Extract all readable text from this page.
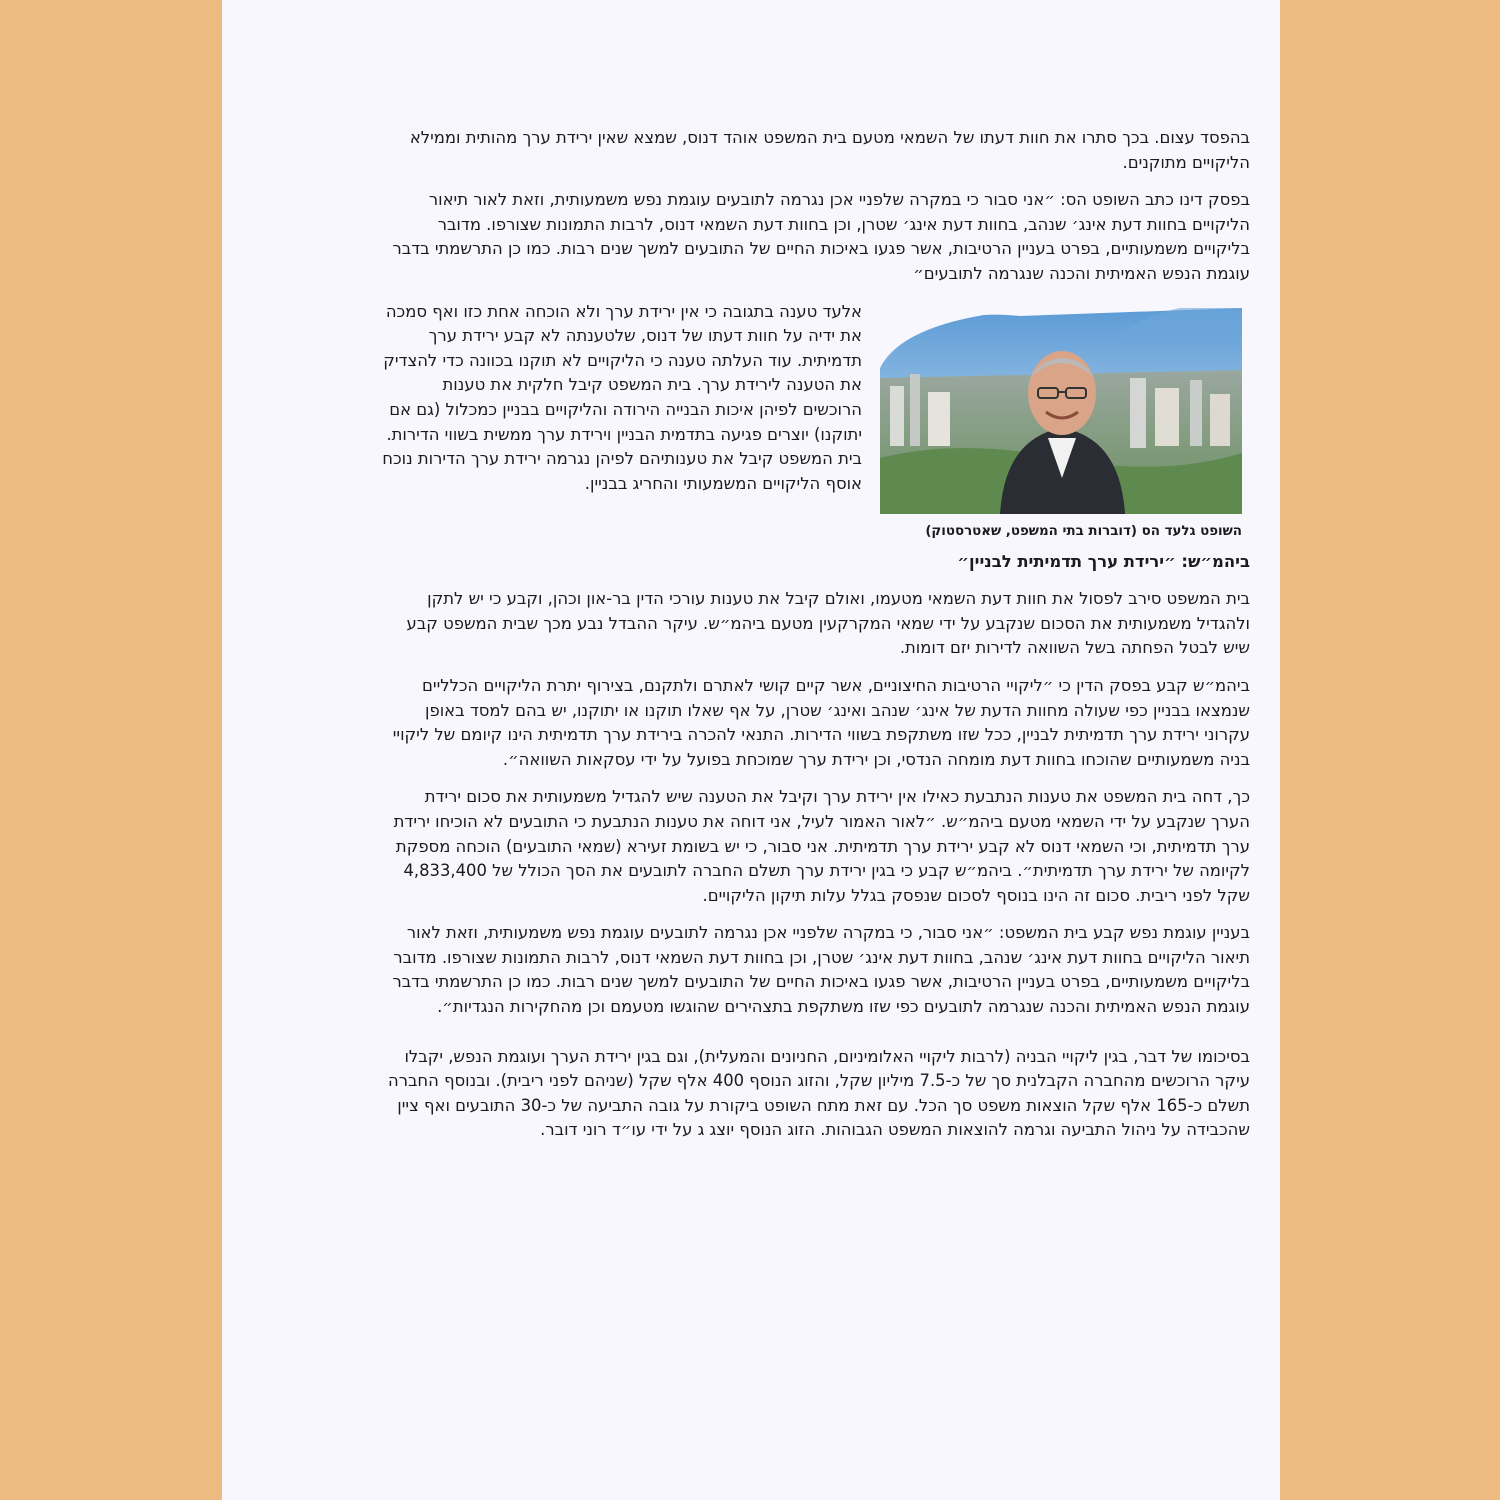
בהפסד עצום. בכך סתרו את חוות דעתו של השמאי מטעם בית המשפט אוהד דנוס, שמצא שאין ירידת ערך מהותית וממילא הליקויים מתוקנים.

בפסק דינו כתב השופט הס: ״אני סבור כי במקרה שלפניי אכן נגרמה לתובעים עוגמת נפש משמעותית, וזאת לאור תיאור הליקויים בחוות דעת אינג׳ שנהב, בחוות דעת אינג׳ שטרן, וכן בחוות דעת השמאי דנוס, לרבות התמונות שצורפו. מדובר בליקויים משמעותיים, בפרט בעניין הרטיבות, אשר פגעו באיכות החיים של התובעים למשך שנים רבות. כמו כן התרשמתי בדבר עוגמת הנפש האמיתית והכנה שנגרמה לתובעים״

השופט גלעד הס (דוברות בתי המשפט, שאטרסטוק)

אלעד טענה בתגובה כי אין ירידת ערך ולא הוכחה אחת כזו ואף סמכה את ידיה על חוות דעתו של דנוס, שלטענתה לא קבע ירידת ערך תדמיתית. עוד העלתה טענה כי הליקויים לא תוקנו בכוונה כדי להצדיק את הטענה לירידת ערך. בית המשפט קיבל חלקית את טענות הרוכשים לפיהן איכות הבנייה הירודה והליקויים בבניין כמכלול (גם אם יתוקנו) יוצרים פגיעה בתדמית הבניין וירידת ערך ממשית בשווי הדירות. בית המשפט קיבל את טענותיהם לפיהן נגרמה ירידת ערך הדירות נוכח אוסף הליקויים המשמעותי והחריג בבניין.

ביהמ״ש: ״ירידת ערך תדמיתית לבניין״

בית המשפט סירב לפסול את חוות דעת השמאי מטעמו, ואולם קיבל את טענות עורכי הדין בר-און וכהן, וקבע כי יש לתקן ולהגדיל משמעותית את הסכום שנקבע על ידי שמאי המקרקעין מטעם ביהמ״ש. עיקר ההבדל נבע מכך שבית המשפט קבע שיש לבטל הפחתה בשל השוואה לדירות יזם דומות.

ביהמ״ש קבע בפסק הדין כי ״ליקויי הרטיבות החיצוניים, אשר קיים קושי לאתרם ולתקנם, בצירוף יתרת הליקויים הכלליים שנמצאו בבניין כפי שעולה מחוות הדעת של אינג׳ שנהב ואינג׳ שטרן, על אף שאלו תוקנו או יתוקנו, יש בהם למסד באופן עקרוני ירידת ערך תדמיתית לבניין, ככל שזו משתקפת בשווי הדירות. התנאי להכרה בירידת ערך תדמיתית הינו קיומם של ליקויי בניה משמעותיים שהוכחו בחוות דעת מומחה הנדסי, וכן ירידת ערך שמוכחת בפועל על ידי עסקאות השוואה״.

כך, דחה בית המשפט את טענות הנתבעת כאילו אין ירידת ערך וקיבל את הטענה שיש להגדיל משמעותית את סכום ירידת הערך שנקבע על ידי השמאי מטעם ביהמ״ש. ״לאור האמור לעיל, אני דוחה את טענות הנתבעת כי התובעים לא הוכיחו ירידת ערך תדמיתית, וכי השמאי דנוס לא קבע ירידת ערך תדמיתית. אני סבור, כי יש בשומת זעירא (שמאי התובעים) הוכחה מספקת לקיומה של ירידת ערך תדמיתית״. ביהמ״ש קבע כי בגין ירידת ערך תשלם החברה לתובעים את הסך הכולל של 4,833,400 שקל לפני ריבית. סכום זה הינו בנוסף לסכום שנפסק בגלל עלות תיקון הליקויים.

בעניין עוגמת נפש קבע בית המשפט: ״אני סבור, כי במקרה שלפניי אכן נגרמה לתובעים עוגמת נפש משמעותית, וזאת לאור תיאור הליקויים בחוות דעת אינג׳ שנהב, בחוות דעת אינג׳ שטרן, וכן בחוות דעת השמאי דנוס, לרבות התמונות שצורפו. מדובר בליקויים משמעותיים, בפרט בעניין הרטיבות, אשר פגעו באיכות החיים של התובעים למשך שנים רבות. כמו כן התרשמתי בדבר עוגמת הנפש האמיתית והכנה שנגרמה לתובעים כפי שזו משתקפת בתצהירים שהוגשו מטעמם וכן מהחקירות הנגדיות״.

בסיכומו של דבר, בגין ליקויי הבניה (לרבות ליקויי האלומיניום, החניונים והמעלית), וגם בגין ירידת הערך ועוגמת הנפש, יקבלו עיקר הרוכשים מהחברה הקבלנית סך של כ-7.5 מיליון שקל, והזוג הנוסף 400 אלף שקל (שניהם לפני ריבית). ובנוסף החברה תשלם כ-165 אלף שקל הוצאות משפט סך הכל. עם זאת מתח השופט ביקורת על גובה התביעה של כ-30 התובעים ואף ציין שהכבידה על ניהול התביעה וגרמה להוצאות המשפט הגבוהות. הזוג הנוסף יוצג ג על ידי עו״ד רוני דובר.
